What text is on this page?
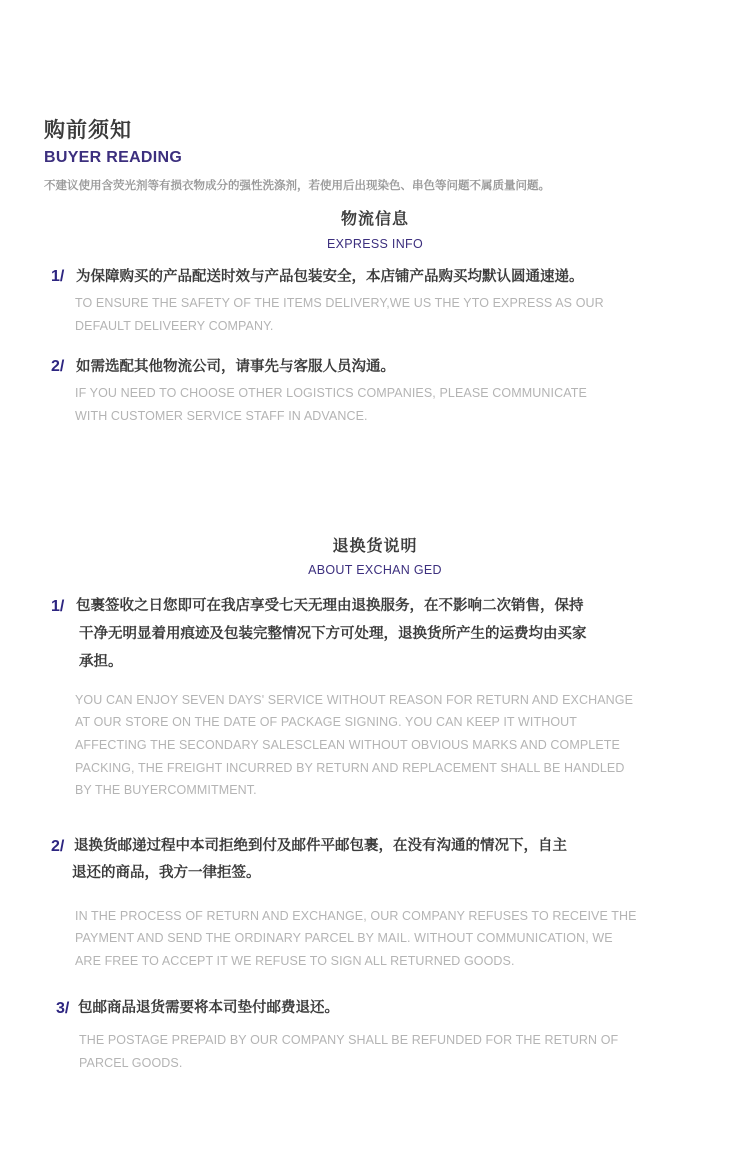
购前须知
BUYER READING
不建议使用含荧光剂等有损衣物成分的强性洗涤剂，若使用后出现染色、串色等问题不属质量问题。
物流信息
EXPRESS INFO
1/ 为保障购买的产品配送时效与产品包装安全，本店铺产品购买均默认圆通速递。
TO ENSURE THE SAFETY OF THE ITEMS DELIVERY,WE US THE YTO EXPRESS AS OUR
DEFAULT DELIVEERY COMPANY.
2/ 如需选配其他物流公司，请事先与客服人员沟通。
IF YOU NEED TO CHOOSE OTHER LOGISTICS COMPANIES, PLEASE COMMUNICATE
WITH CUSTOMER SERVICE STAFF IN ADVANCE.
退换货说明
ABOUT EXCHAN GED
1/ 包裹签收之日您即可在我店享受七天无理由退换服务，在不影响二次销售，保持
干净无明显着用痕迹及包装完整情况下方可处理，退换货所产生的运费均由买家
承担。
YOU CAN ENJOY SEVEN DAYS' SERVICE WITHOUT REASON FOR RETURN AND EXCHANGE
AT OUR STORE ON THE DATE OF PACKAGE SIGNING. YOU CAN KEEP IT WITHOUT
AFFECTING THE SECONDARY SALESCLEAN WITHOUT OBVIOUS MARKS AND COMPLETE
PACKING, THE FREIGHT INCURRED BY RETURN AND REPLACEMENT SHALL BE HANDLED
BY THE BUYERCOMMITMENT.
2/ 退换货邮递过程中本司拒绝到付及邮件平邮包裹，在没有沟通的情况下，自主
退还的商品，我方一律拒签。
IN THE PROCESS OF RETURN AND EXCHANGE, OUR COMPANY REFUSES TO RECEIVE THE
PAYMENT AND SEND THE ORDINARY PARCEL BY MAIL. WITHOUT COMMUNICATION, WE
ARE FREE TO ACCEPT IT WE REFUSE TO SIGN ALL RETURNED GOODS.
3/ 包邮商品退货需要将本司垫付邮费退还。
THE POSTAGE PREPAID BY OUR COMPANY SHALL BE REFUNDED FOR THE RETURN OF
PARCEL GOODS.
